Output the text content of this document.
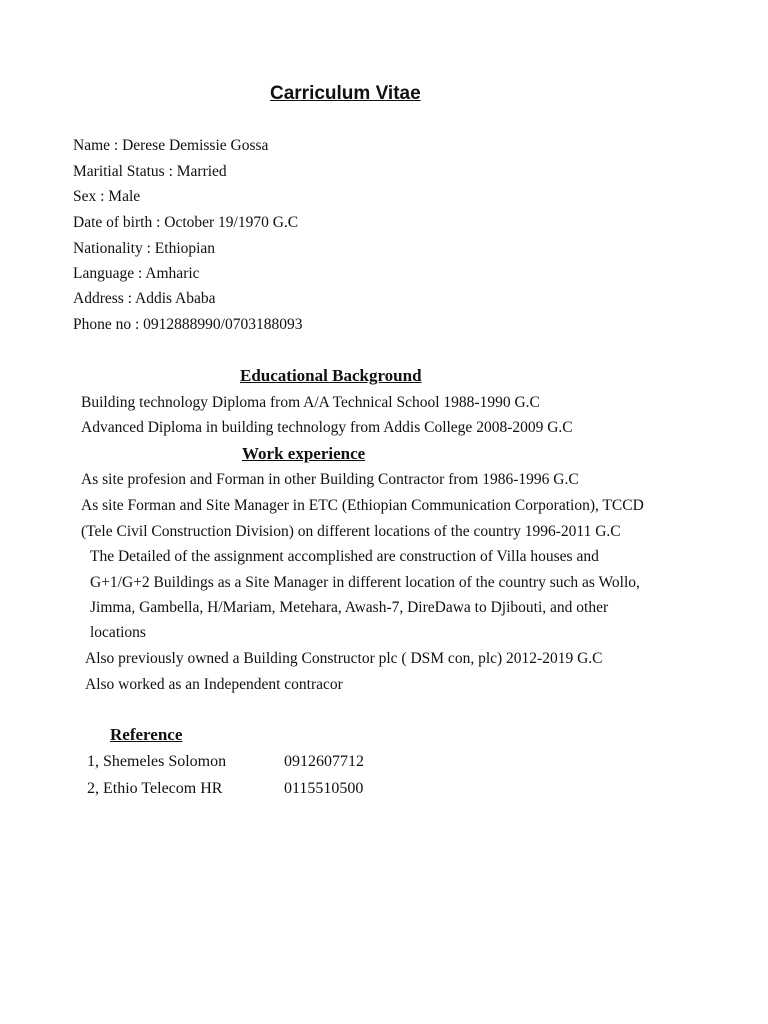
Carriculum Vitae

Name : Derese Demissie Gossa

Maritial Status : Married

Sex : Male

Date of birth : October 19/1970 G.C

Nationality : Ethiopian

Language : Amharic

Address : Addis Ababa

Phone no : 0912888990/0703188093

Educational Background

Building technology Diploma from A/A Technical School 1988-1990 G.C

Advanced Diploma in building technology from Addis College 2008-2009 G.C

Work experience

As site profesion and Forman in other Building Contractor from 1986-1996 G.C

As site Forman and Site Manager in ETC (Ethiopian Communication Corporation), TCCD

(Tele Civil Construction Division) on different locations of the country 1996-2011 G.C

The Detailed of the assignment accomplished are construction of Villa houses and

G+1/G+2 Buildings as a Site Manager in different location of the country such as Wollo,

Jimma, Gambella, H/Mariam, Metehara, Awash-7, DireDawa to Djibouti, and other

locations

Also previously owned a Building Constructor plc ( DSM con, plc) 2012-2019 G.C

Also worked as an Independent contracor

Reference
1, Shemeles Solomon	0912607712
2, Ethio Telecom HR	0115510500
